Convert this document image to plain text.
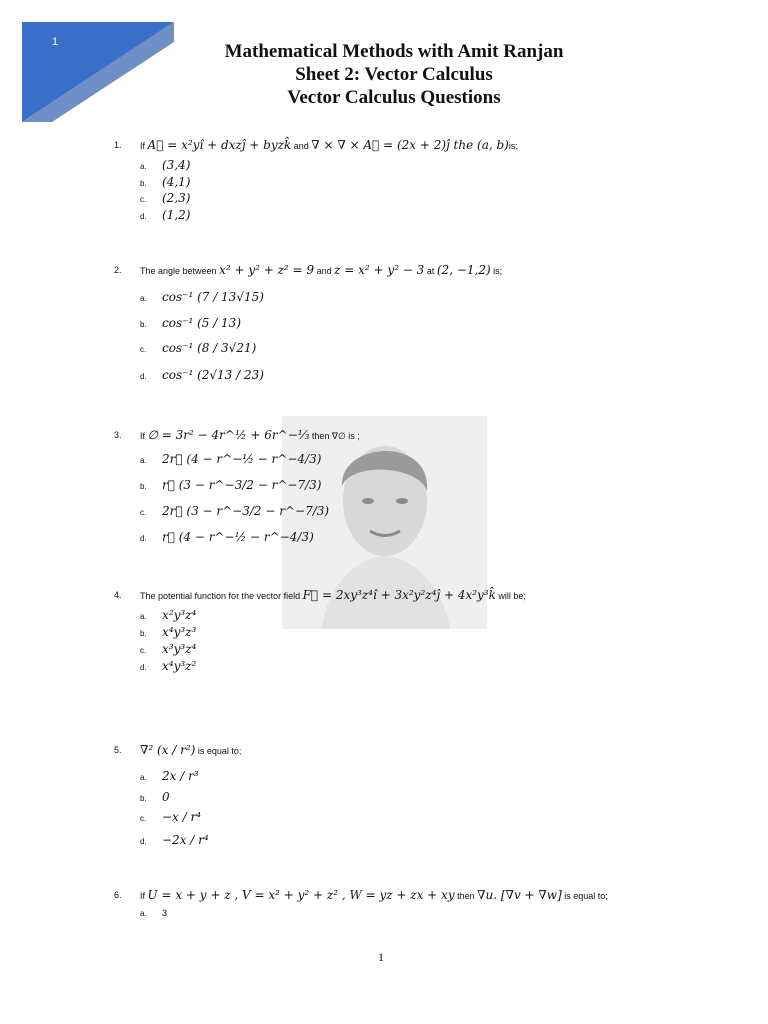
1	Mathematical Methods with Amit Ranjan
Sheet 2: Vector Calculus
Vector Calculus Questions
1. If A⃗ = x²yî + dxzĵ + byzk̂ and ∇ × ∇ × A⃗ = (2x + 2)ĵ the (a, b)is;
a. (3,4)
b. (4,1)
c. (2,3)
d. (1,2)
2. The angle between x² + y² + z² = 9 and z = x² + y² − 3 at (2, −1,2) is;
a. cos⁻¹ (7 / 13√15)
b. cos⁻¹ (5 / 13)
c. cos⁻¹ (8 / 3√21)
d. cos⁻¹ (2√13 / 23)
3. If ∅ = 3r² − 4r^½ + 6r^−⅓ then ∇∅ is ;
a. 2r⃗ (4 − r^−½ − r^−4/3)
b. r⃗ (3 − r^−3/2 − r^−7/3)
c. 2r⃗ (3 − r^−3/2 − r^−7/3)
d. r⃗ (4 − r^−½ − r^−4/3)
4. The potential function for the vector field F⃗ = 2xy³z⁴î + 3x²y²z⁴ĵ + 4x²y³k̂ will be;
a. x²y³z⁴
b. x⁴y³z³
c. x³y³z⁴
d. x⁴y³z²
5. ∇² (x / r²) is equal to;
a. 2x / r³
b. 0
c. −x / r⁴
d. −2x / r⁴
6. If U = x + y + z , V = x² + y² + z² , W = yz + zx + xy then ∇u. [∇v + ∇w] is equal to;
a. 3
1
